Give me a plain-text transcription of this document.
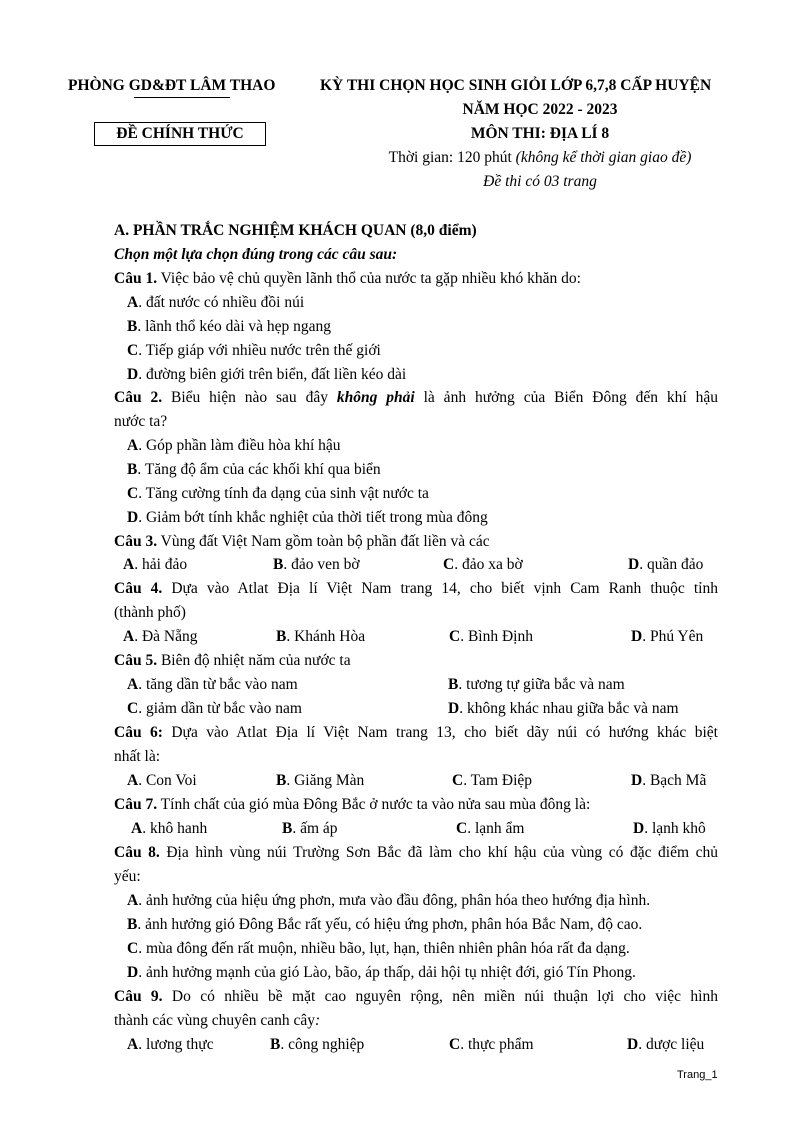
PHÒNG GD&ĐT LÂM THAO
ĐỀ CHÍNH THỨC
KỲ THI CHỌN HỌC SINH GIỎI LỚP 6,7,8 CẤP HUYỆN
NĂM HỌC 2022 - 2023
MÔN THI: ĐỊA LÍ 8
Thời gian: 120 phút (không kể thời gian giao đề)
Đề thi có 03 trang
A. PHẦN TRẮC NGHIỆM KHÁCH QUAN (8,0 điểm)
Chọn một lựa chọn đúng trong các câu sau:
Câu 1. Việc bảo vệ chủ quyền lãnh thổ của nước ta gặp nhiều khó khăn do:
A. đất nước có nhiều đồi núi
B. lãnh thổ kéo dài và hẹp ngang
C. Tiếp giáp với nhiều nước trên thế giới
D. đường biên giới trên biển, đất liền kéo dài
Câu 2. Biểu hiện nào sau đây không phải là ảnh hưởng của Biển Đông đến khí hậu
nước ta?
A. Góp phần làm điều hòa khí hậu
B. Tăng độ ẩm của các khối khí qua biển
C. Tăng cường tính đa dạng của sinh vật nước ta
D. Giảm bớt tính khắc nghiệt của thời tiết trong mùa đông
Câu 3. Vùng đất Việt Nam gồm toàn bộ phần đất liền và các
A. hải đảo	B. đảo ven bờ	C. đảo xa bờ	D. quần đảo
Câu 4. Dựa vào Atlat Địa lí Việt Nam trang 14, cho biết vịnh Cam Ranh thuộc tỉnh
(thành phố)
A. Đà Nẵng	B. Khánh Hòa	C. Bình Định	D. Phú Yên
Câu 5. Biên độ nhiệt năm của nước ta
A. tăng dần từ bắc vào nam	B. tương tự giữa bắc và nam
C. giảm dần từ bắc vào nam	D. không khác nhau giữa bắc và nam
Câu 6: Dựa vào Atlat Địa lí Việt Nam trang 13, cho biết dãy núi có hướng khác biệt
nhất là:
A. Con Voi	B. Giăng Màn	C. Tam Điệp	D. Bạch Mã
Câu 7. Tính chất của gió mùa Đông Bắc ở nước ta vào nửa sau mùa đông là:
A. khô hanh	B. ấm áp	C. lạnh ẩm	D. lạnh khô
Câu 8. Địa hình vùng núi Trường Sơn Bắc đã làm cho khí hậu của vùng có đặc điểm chủ
yếu:
A. ảnh hưởng của hiệu ứng phơn, mưa vào đầu đông, phân hóa theo hướng địa hình.
B. ảnh hưởng gió Đông Bắc rất yếu, có hiệu ứng phơn, phân hóa Bắc Nam, độ cao.
C. mùa đông đến rất muộn, nhiều bão, lụt, hạn, thiên nhiên phân hóa rất đa dạng.
D. ảnh hưởng mạnh của gió Lào, bão, áp thấp, dải hội tụ nhiệt đới, gió Tín Phong.
Câu 9. Do có nhiều bề mặt cao nguyên rộng, nên miền núi thuận lợi cho việc hình
thành các vùng chuyên canh cây:
A. lương thực	B. công nghiệp	C. thực phẩm	D. dược liệu
Trang_1
